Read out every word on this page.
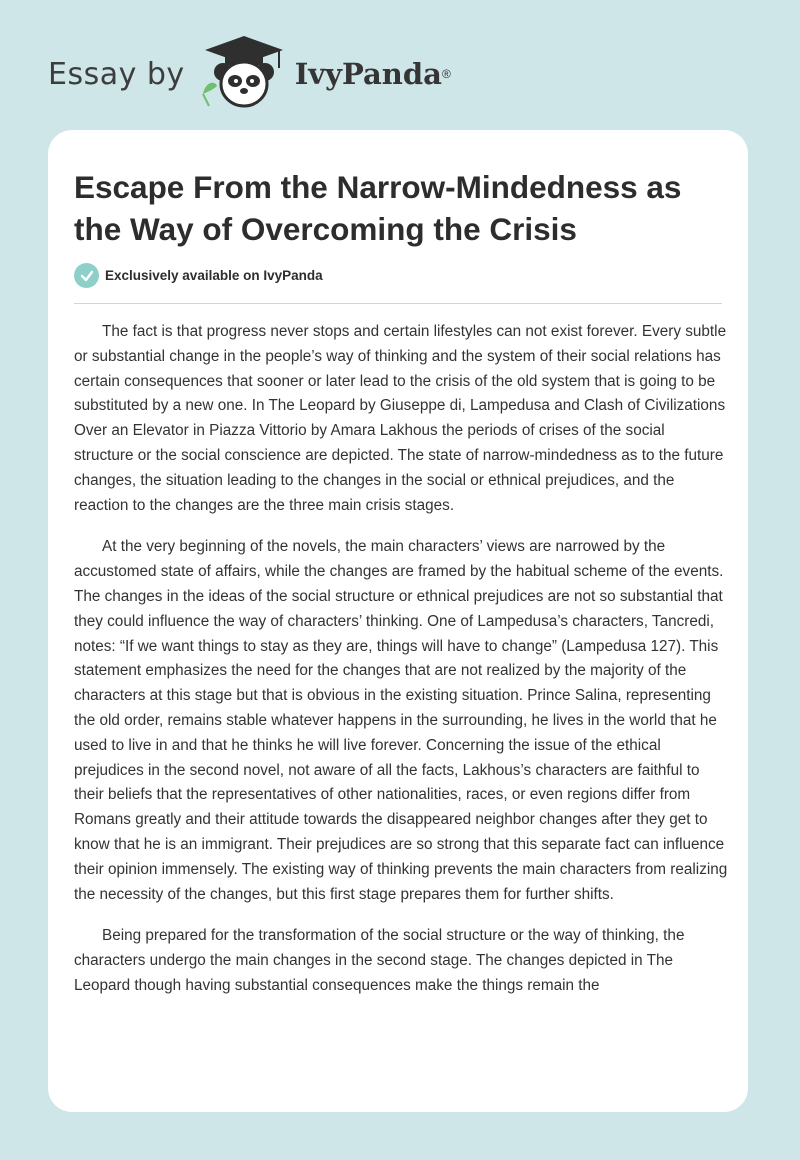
Essay by	IvyPanda ®
Escape From the Narrow-Mindedness as the Way of Overcoming the Crisis
Exclusively available on IvyPanda

The fact is that progress never stops and certain lifestyles can not exist forever. Every subtle or substantial change in the people’s way of thinking and the system of their social relations has certain consequences that sooner or later lead to the crisis of the old system that is going to be substituted by a new one. In The Leopard by Giuseppe di, Lampedusa and Clash of Civilizations Over an Elevator in Piazza Vittorio by Amara Lakhous the periods of crises of the social structure or the social conscience are depicted. The state of narrow-mindedness as to the future changes, the situation leading to the changes in the social or ethnical prejudices, and the reaction to the changes are the three main crisis stages.

At the very beginning of the novels, the main characters’ views are narrowed by the accustomed state of affairs, while the changes are framed by the habitual scheme of the events. The changes in the ideas of the social structure or ethnical prejudices are not so substantial that they could influence the way of characters’ thinking. One of Lampedusa’s characters, Tancredi, notes: “If we want things to stay as they are, things will have to change” (Lampedusa 127). This statement emphasizes the need for the changes that are not realized by the majority of the characters at this stage but that is obvious in the existing situation. Prince Salina, representing the old order, remains stable whatever happens in the surrounding, he lives in the world that he used to live in and that he thinks he will live forever. Concerning the issue of the ethical prejudices in the second novel, not aware of all the facts, Lakhous’s characters are faithful to their beliefs that the representatives of other nationalities, races, or even regions differ from Romans greatly and their attitude towards the disappeared neighbor changes after they get to know that he is an immigrant. Their prejudices are so strong that this separate fact can influence their opinion immensely. The existing way of thinking prevents the main characters from realizing the necessity of the changes, but this first stage prepares them for further shifts.

Being prepared for the transformation of the social structure or the way of thinking, the characters undergo the main changes in the second stage. The changes depicted in The Leopard though having substantial consequences make the things remain the
